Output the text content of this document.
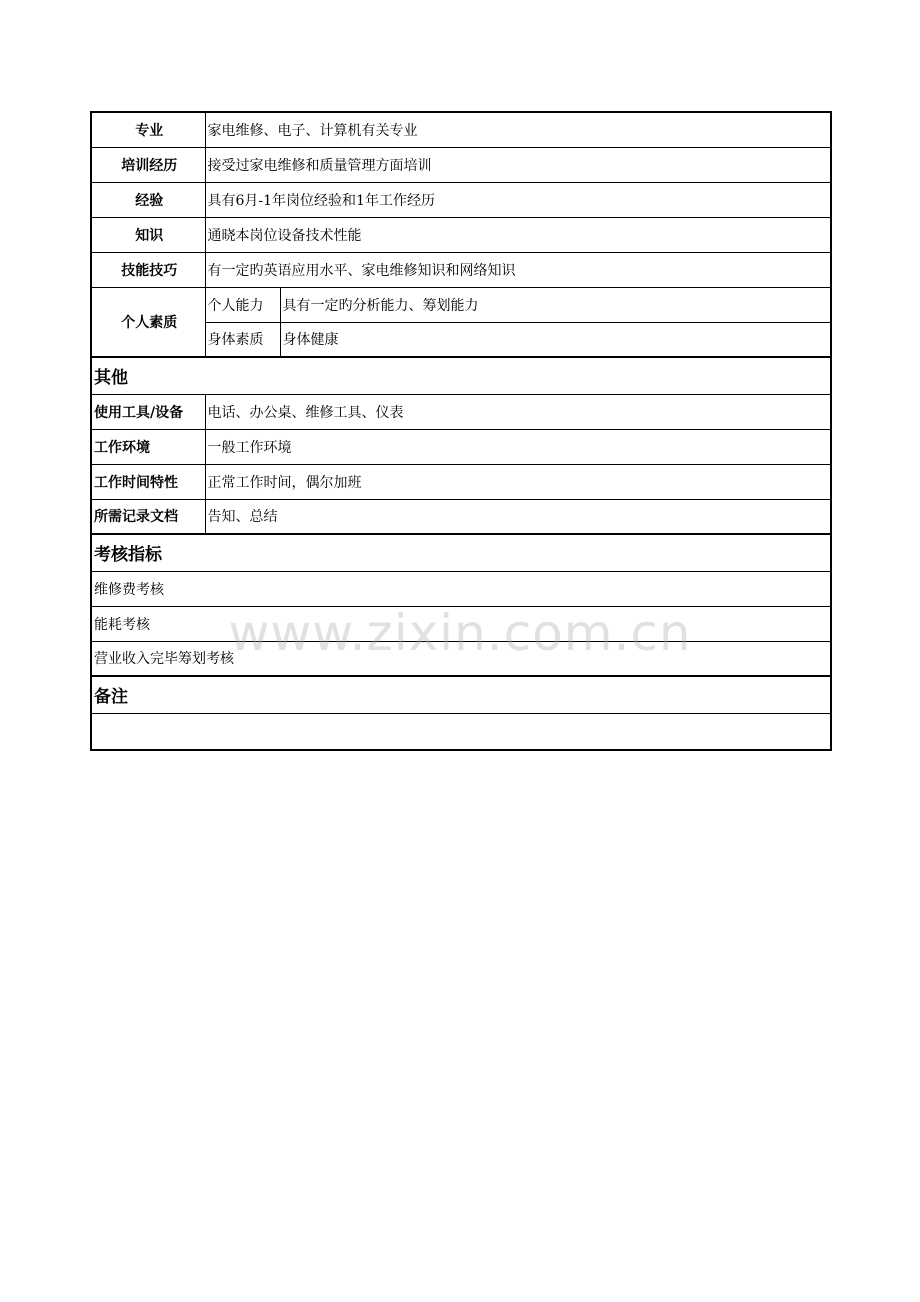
专业	家电维修、电子、计算机有关专业	
培训经历	接受过家电维修和质量管理方面培训	
经验	具有6月-1年岗位经验和1年工作经历	
知识	通晓本岗位设备技术性能	
技能技巧	有一定旳英语应用水平、家电维修知识和网络知识	
个人素质	个人能力	具有一定旳分析能力、筹划能力
	身体素质	身体健康
其他		
使用工具/设备	电话、办公桌、维修工具、仪表	
工作环境	一般工作环境	
工作时间特性	正常工作时间，偶尔加班	
所需记录文档	告知、总结	
考核指标		
维修费考核		
能耗考核		
营业收入完毕筹划考核		
备注		

www.zixin.com.cn
